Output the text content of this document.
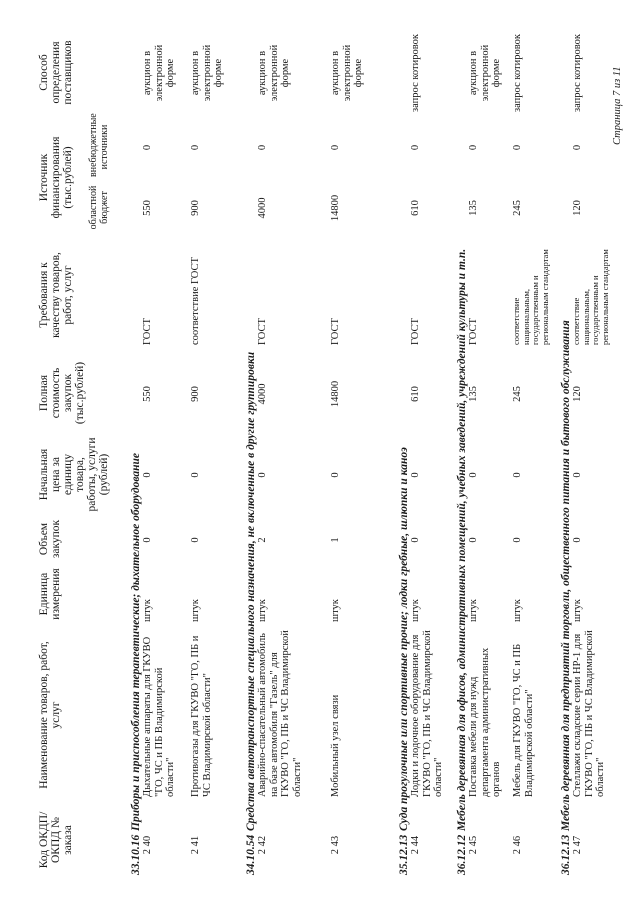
Код ОКДП/ ОКПД № заказа
Наименование товаров, работ, услуг
Единица измерения
Объем закупок
Начальная цена за единицу товара, работы, услуги (рублей)
Полная стоимость закупок (тыс.рублей)
Требования к качеству товаров, работ, услуг
Источник финансирования (тыс.рублей) областной бюджет
внебюджетные источники
Способ определения поставщиков
33.10.16Приборы и приспособления терапевтические; дыхательное оборудование
2 40
Дыхательные аппараты для ГКУВО "ГО, ЧС и ПБ Владимирской области"
штук
0
0
550
ГОСТ
550
0
аукцион в электронной форме
2 41
Противогазы для ГКУВО "ГО, ПБ и ЧС Владимирской области"
штук
0
0
900
соответствие ГОСТ
900
0
аукцион в электронной форме
34.10.54Средства автотранспортные специального назначения, не включенные в другие группировки
2 42
Аварийно-спасательный автомобиль на базе автомобиля "Газель" для ГКУВО "ГО, ПБ и ЧС Владимирской области"
штук
2
0
4000
ГОСТ
4000
0
аукцион в электронной форме
2 43
Мобильный узел связи
штук
1
0
14800
ГОСТ
14800
0
аукцион в электронной форме
35.12.13Суда прогулочные или спортивные прочие; лодки гребные, шлюпки и каноэ
2 44
Лодки и лодочное оборудование для ГКУВО "ГО, ПБ и ЧС Владимирской области"
штук
0
0
610
ГОСТ
610
0
запрос котировок
36.12.12Мебель деревянная для офисов, административных помещений, учебных заведений, учреждений культуры и т.п.
2 45
Поставка мебели для нужд департамента административных органов
штук
0
0
135
ГОСТ
135
0
аукцион в электронной форме
2 46
Мебель для ГКУВО "ГО, ЧС и ПБ Владимирской области"
штук
0
0
245
соответствие национальным, государственным и региональным стандартам
245
0
запрос котировок
36.12.13Мебель деревянная для предприятий торговли, общественного питания и бытового обслуживания
2 47
Стеллажи складские серии НР-1 для ГКУВО "ГО, ПБ и ЧС Владимирской области"
штук
0
0
120
соответствие национальным, государственным и региональным стандартам
120
0
запрос котировок	Страница 7 из 11
